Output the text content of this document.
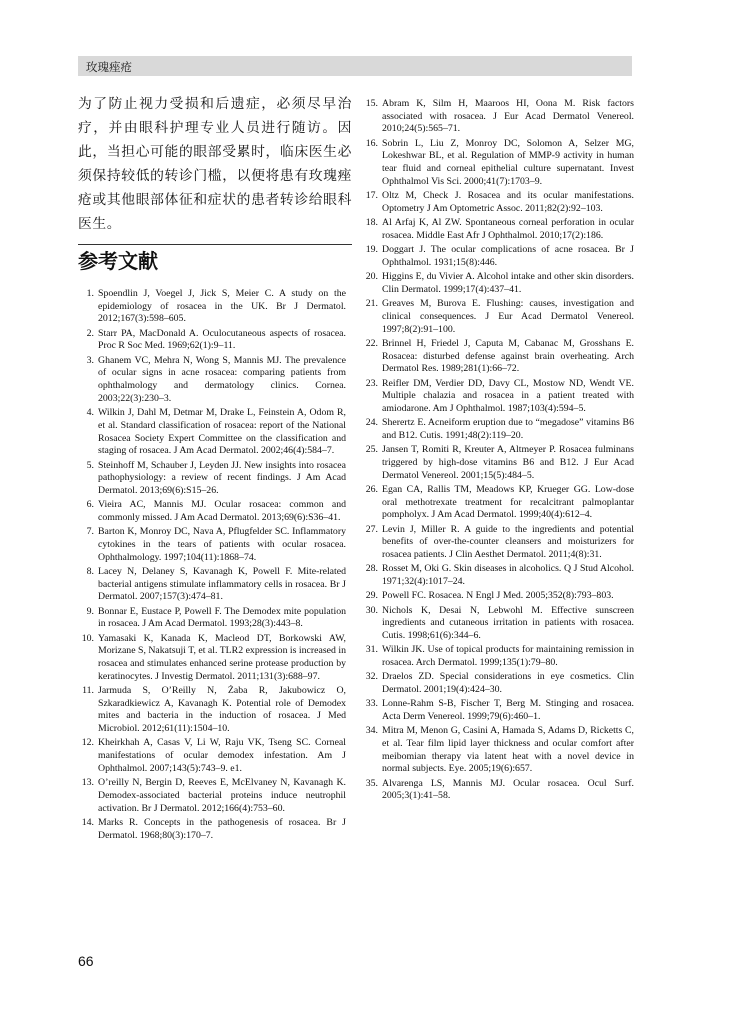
玫瑰痤疮

为了防止视力受损和后遗症，必须尽早治疗，并由眼科护理专业人员进行随访。因此，当担心可能的眼部受累时，临床医生必须保持较低的转诊门槛，以便将患有玫瑰痤疮或其他眼部体征和症状的患者转诊给眼科医生。

参考文献
1. Spoendlin J, Voegel J, Jick S, Meier C. A study on the epidemiology of rosacea in the UK. Br J Dermatol. 2012;167(3):598–605.
2. Starr PA, MacDonald A. Oculocutaneous aspects of rosacea. Proc R Soc Med. 1969;62(1):9–11.
3. Ghanem VC, Mehra N, Wong S, Mannis MJ. The prevalence of ocular signs in acne rosacea: comparing patients from ophthalmology and dermatology clinics. Cornea. 2003;22(3):230–3.
4. Wilkin J, Dahl M, Detmar M, Drake L, Feinstein A, Odom R, et al. Standard classification of rosacea: report of the National Rosacea Society Expert Committee on the classification and staging of rosacea. J Am Acad Dermatol. 2002;46(4):584–7.
5. Steinhoff M, Schauber J, Leyden JJ. New insights into rosacea pathophysiology: a review of recent findings. J Am Acad Dermatol. 2013;69(6):S15–26.
6. Vieira AC, Mannis MJ. Ocular rosacea: common and commonly missed. J Am Acad Dermatol. 2013;69(6):S36–41.
7. Barton K, Monroy DC, Nava A, Pflugfelder SC. Inflammatory cytokines in the tears of patients with ocular rosacea. Ophthalmology. 1997;104(11):1868–74.
8. Lacey N, Delaney S, Kavanagh K, Powell F. Mite-related bacterial antigens stimulate inflammatory cells in rosacea. Br J Dermatol. 2007;157(3):474–81.
9. Bonnar E, Eustace P, Powell F. The Demodex mite population in rosacea. J Am Acad Dermatol. 1993;28(3):443–8.
10. Yamasaki K, Kanada K, Macleod DT, Borkowski AW, Morizane S, Nakatsuji T, et al. TLR2 expression is increased in rosacea and stimulates enhanced serine protease production by keratinocytes. J Investig Dermatol. 2011;131(3):688–97.
11. Jarmuda S, O’Reilly N, Żaba R, Jakubowicz O, Szkaradkiewicz A, Kavanagh K. Potential role of Demodex mites and bacteria in the induction of rosacea. J Med Microbiol. 2012;61(11):1504–10.
12. Kheirkhah A, Casas V, Li W, Raju VK, Tseng SC. Corneal manifestations of ocular demodex infestation. Am J Ophthalmol. 2007;143(5):743–9. e1.
13. O’reilly N, Bergin D, Reeves E, McElvaney N, Kavanagh K. Demodex-associated bacterial proteins induce neutrophil activation. Br J Dermatol. 2012;166(4):753–60.
14. Marks R. Concepts in the pathogenesis of rosacea. Br J Dermatol. 1968;80(3):170–7.
15. Abram K, Silm H, Maaroos HI, Oona M. Risk factors associated with rosacea. J Eur Acad Dermatol Venereol. 2010;24(5):565–71.
16. Sobrin L, Liu Z, Monroy DC, Solomon A, Selzer MG, Lokeshwar BL, et al. Regulation of MMP-9 activity in human tear fluid and corneal epithelial culture supernatant. Invest Ophthalmol Vis Sci. 2000;41(7):1703–9.
17. Oltz M, Check J. Rosacea and its ocular manifestations. Optometry J Am Optometric Assoc. 2011;82(2):92–103.
18. Al Arfaj K, Al ZW. Spontaneous corneal perforation in ocular rosacea. Middle East Afr J Ophthalmol. 2010;17(2):186.
19. Doggart J. The ocular complications of acne rosacea. Br J Ophthalmol. 1931;15(8):446.
20. Higgins E, du Vivier A. Alcohol intake and other skin disorders. Clin Dermatol. 1999;17(4):437–41.
21. Greaves M, Burova E. Flushing: causes, investigation and clinical consequences. J Eur Acad Dermatol Venereol. 1997;8(2):91–100.
22. Brinnel H, Friedel J, Caputa M, Cabanac M, Grosshans E. Rosacea: disturbed defense against brain overheating. Arch Dermatol Res. 1989;281(1):66–72.
23. Reifler DM, Verdier DD, Davy CL, Mostow ND, Wendt VE. Multiple chalazia and rosacea in a patient treated with amiodarone. Am J Ophthalmol. 1987;103(4):594–5.
24. Sherertz E. Acneiform eruption due to “megadose” vitamins B6 and B12. Cutis. 1991;48(2):119–20.
25. Jansen T, Romiti R, Kreuter A, Altmeyer P. Rosacea fulminans triggered by high-dose vitamins B6 and B12. J Eur Acad Dermatol Venereol. 2001;15(5):484–5.
26. Egan CA, Rallis TM, Meadows KP, Krueger GG. Low-dose oral methotrexate treatment for recalcitrant palmoplantar pompholyx. J Am Acad Dermatol. 1999;40(4):612–4.
27. Levin J, Miller R. A guide to the ingredients and potential benefits of over-the-counter cleansers and moisturizers for rosacea patients. J Clin Aesthet Dermatol. 2011;4(8):31.
28. Rosset M, Oki G. Skin diseases in alcoholics. Q J Stud Alcohol. 1971;32(4):1017–24.
29. Powell FC. Rosacea. N Engl J Med. 2005;352(8):793–803.
30. Nichols K, Desai N, Lebwohl M. Effective sunscreen ingredients and cutaneous irritation in patients with rosacea. Cutis. 1998;61(6):344–6.
31. Wilkin JK. Use of topical products for maintaining remission in rosacea. Arch Dermatol. 1999;135(1):79–80.
32. Draelos ZD. Special considerations in eye cosmetics. Clin Dermatol. 2001;19(4):424–30.
33. Lonne-Rahm S-B, Fischer T, Berg M. Stinging and rosacea. Acta Derm Venereol. 1999;79(6):460–1.
34. Mitra M, Menon G, Casini A, Hamada S, Adams D, Ricketts C, et al. Tear film lipid layer thickness and ocular comfort after meibomian therapy via latent heat with a novel device in normal subjects. Eye. 2005;19(6):657.
35. Alvarenga LS, Mannis MJ. Ocular rosacea. Ocul Surf. 2005;3(1):41–58.
66
